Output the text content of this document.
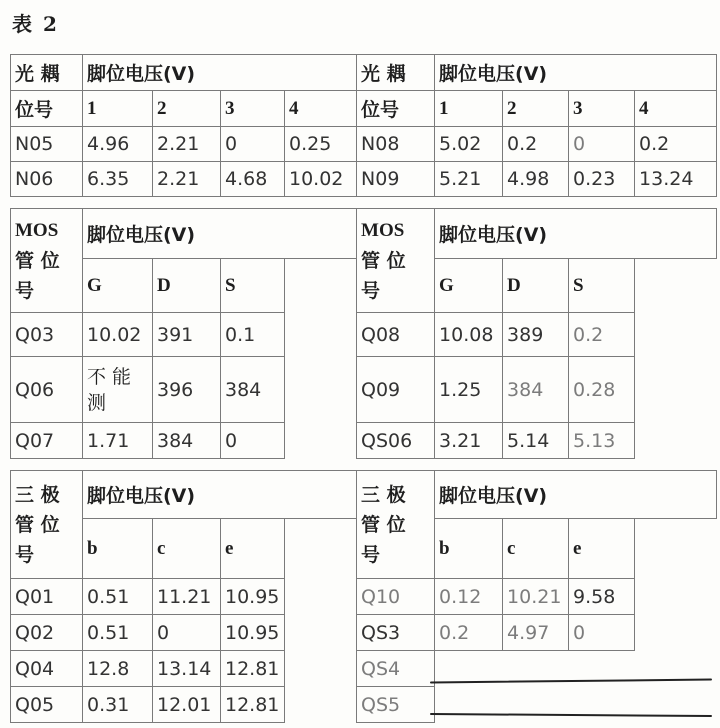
表 2
光 耦	脚位电压(V)				光 耦	脚位电压(V)			
位号	1	2	3	4	位号	1	2	3	4
N05	4.96	2.21	0	0.25	N08	5.02	0.2	0	0.2
N06	6.35	2.21	4.68	10.02	N09	5.21	4.98	0.23	13.24
MOS
管 位
号	脚位电压(V)				MOS
管 位
号	脚位电压(V)			
	G	D	S			G	D	S	
Q03	10.02	391	0.1		Q08	10.08	389	0.2	
Q06	不 能
测	396	384		Q09	1.25	384	0.28	
Q07	1.71	384	0		QS06	3.21	5.14	5.13	
三 极
管 位
号	脚位电压(V)				三 极
管 位
号	脚位电压(V)			
	b	c	e			b	c	e	
Q01	0.51	11.21	10.95		Q10	0.12	10.21	9.58	
Q02	0.51	0	10.95		QS3	0.2	4.97	0	
Q04	12.8	13.14	12.81		QS4				
Q05	0.31	12.01	12.81		QS5				
